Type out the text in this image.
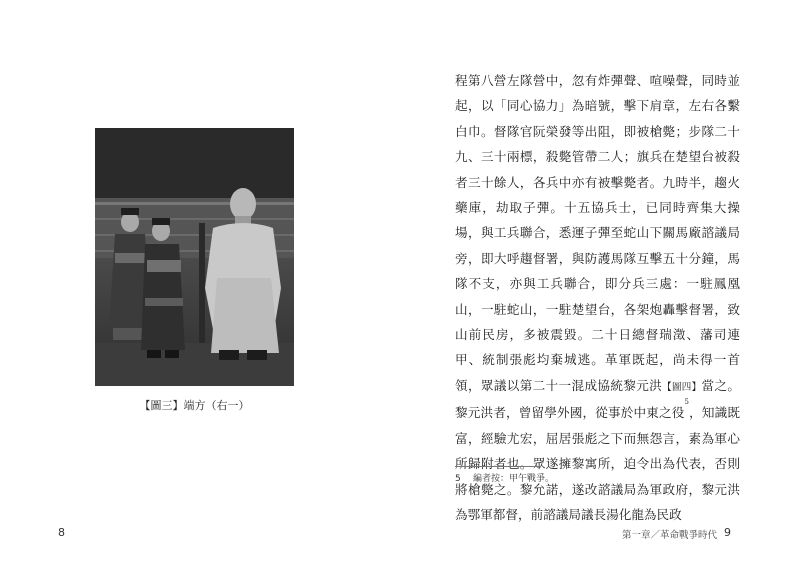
【圖三】端方（右一）
8

程第八營左隊營中，忽有炸彈聲、喧噪聲，同時並起，以「同心協力」為暗號，擊下肩章，左右各繫白巾。督隊官阮榮發等出阻，即被槍斃；步隊二十九、三十兩標，殺斃管帶二人；旗兵在楚望台被殺者三十餘人，各兵中亦有被擊斃者。九時半，趨火藥庫，劫取子彈。十五協兵士，已同時齊集大操場，與工兵聯合，悉運子彈至蛇山下關馬廠諮議局旁，即大呼趨督署，與防護馬隊互擊五十分鐘，馬隊不支，亦與工兵聯合，即分兵三處：一駐鳳凰山，一駐蛇山，一駐楚望台，各架炮轟擊督署，致山前民房，多被震毀。二十日總督瑞澂、藩司連甲、統制張彪均棄城逃。革軍既起，尚未得一首領，眾議以第二十一混成協統黎元洪【圖四】當之。黎元洪者，曾留學外國，從事於中東之役$^5$，知識既富，經驗尤宏，屈居張彪之下而無怨言，素為軍心所歸附者也。眾遂擁黎寓所，迫令出為代表，否則將槍斃之。黎允諾，遂改諮議局為軍政府，黎元洪為鄂軍都督，前諮議局議長湯化龍為民政

5 編者按：甲午戰爭。
第一章／革命戰爭時代 9
